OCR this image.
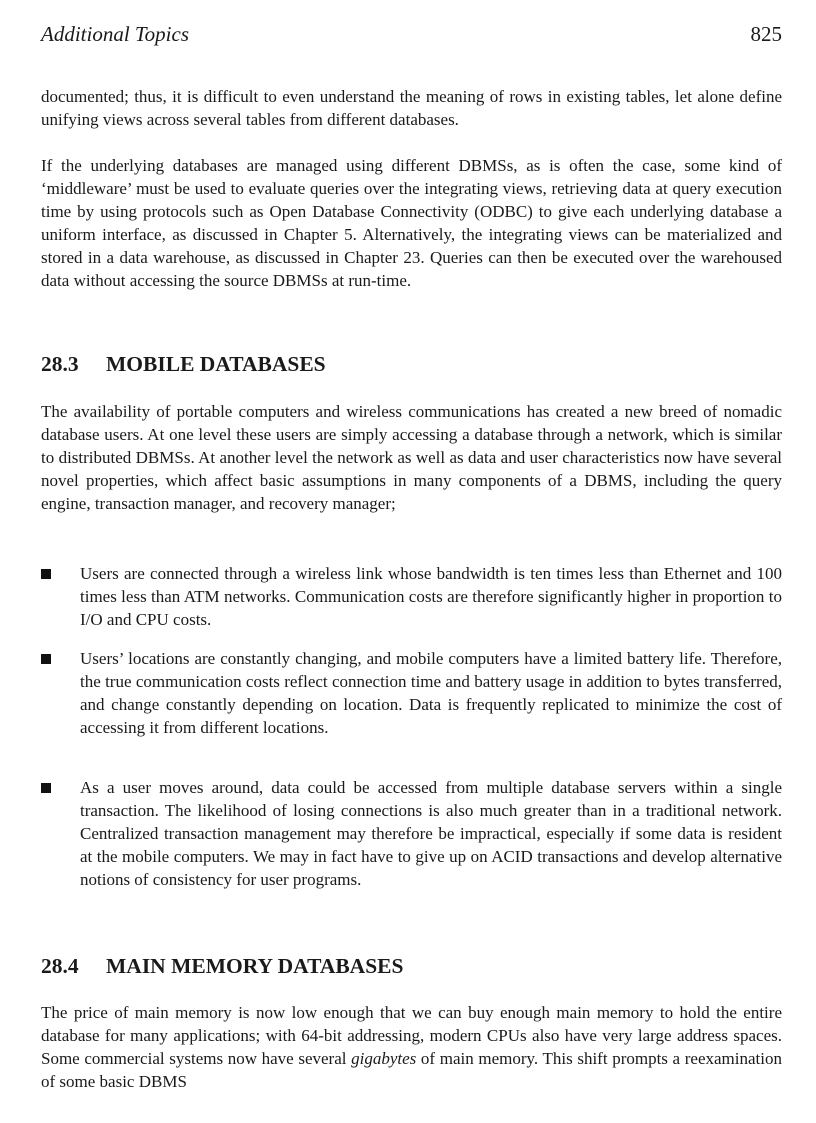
Additional Topics	825

documented; thus, it is difficult to even understand the meaning of rows in existing tables, let alone define unifying views across several tables from different databases.

If the underlying databases are managed using different DBMSs, as is often the case, some kind of ‘middleware’ must be used to evaluate queries over the integrating views, retrieving data at query execution time by using protocols such as Open Database Connectivity (ODBC) to give each underlying database a uniform interface, as discussed in Chapter 5. Alternatively, the integrating views can be materialized and stored in a data warehouse, as discussed in Chapter 23. Queries can then be executed over the warehoused data without accessing the source DBMSs at run-time.

28.3 MOBILE DATABASES

The availability of portable computers and wireless communications has created a new breed of nomadic database users. At one level these users are simply accessing a database through a network, which is similar to distributed DBMSs. At another level the network as well as data and user characteristics now have several novel properties, which affect basic assumptions in many components of a DBMS, including the query engine, transaction manager, and recovery manager;

Users are connected through a wireless link whose bandwidth is ten times less than Ethernet and 100 times less than ATM networks. Communication costs are therefore significantly higher in proportion to I/O and CPU costs.

Users’ locations are constantly changing, and mobile computers have a limited battery life. Therefore, the true communication costs reflect connection time and battery usage in addition to bytes transferred, and change constantly depending on location. Data is frequently replicated to minimize the cost of accessing it from different locations.

As a user moves around, data could be accessed from multiple database servers within a single transaction. The likelihood of losing connections is also much greater than in a traditional network. Centralized transaction management may therefore be impractical, especially if some data is resident at the mobile computers. We may in fact have to give up on ACID transactions and develop alternative notions of consistency for user programs.

28.4 MAIN MEMORY DATABASES

The price of main memory is now low enough that we can buy enough main memory to hold the entire database for many applications; with 64-bit addressing, modern CPUs also have very large address spaces. Some commercial systems now have several gigabytes of main memory. This shift prompts a reexamination of some basic DBMS
